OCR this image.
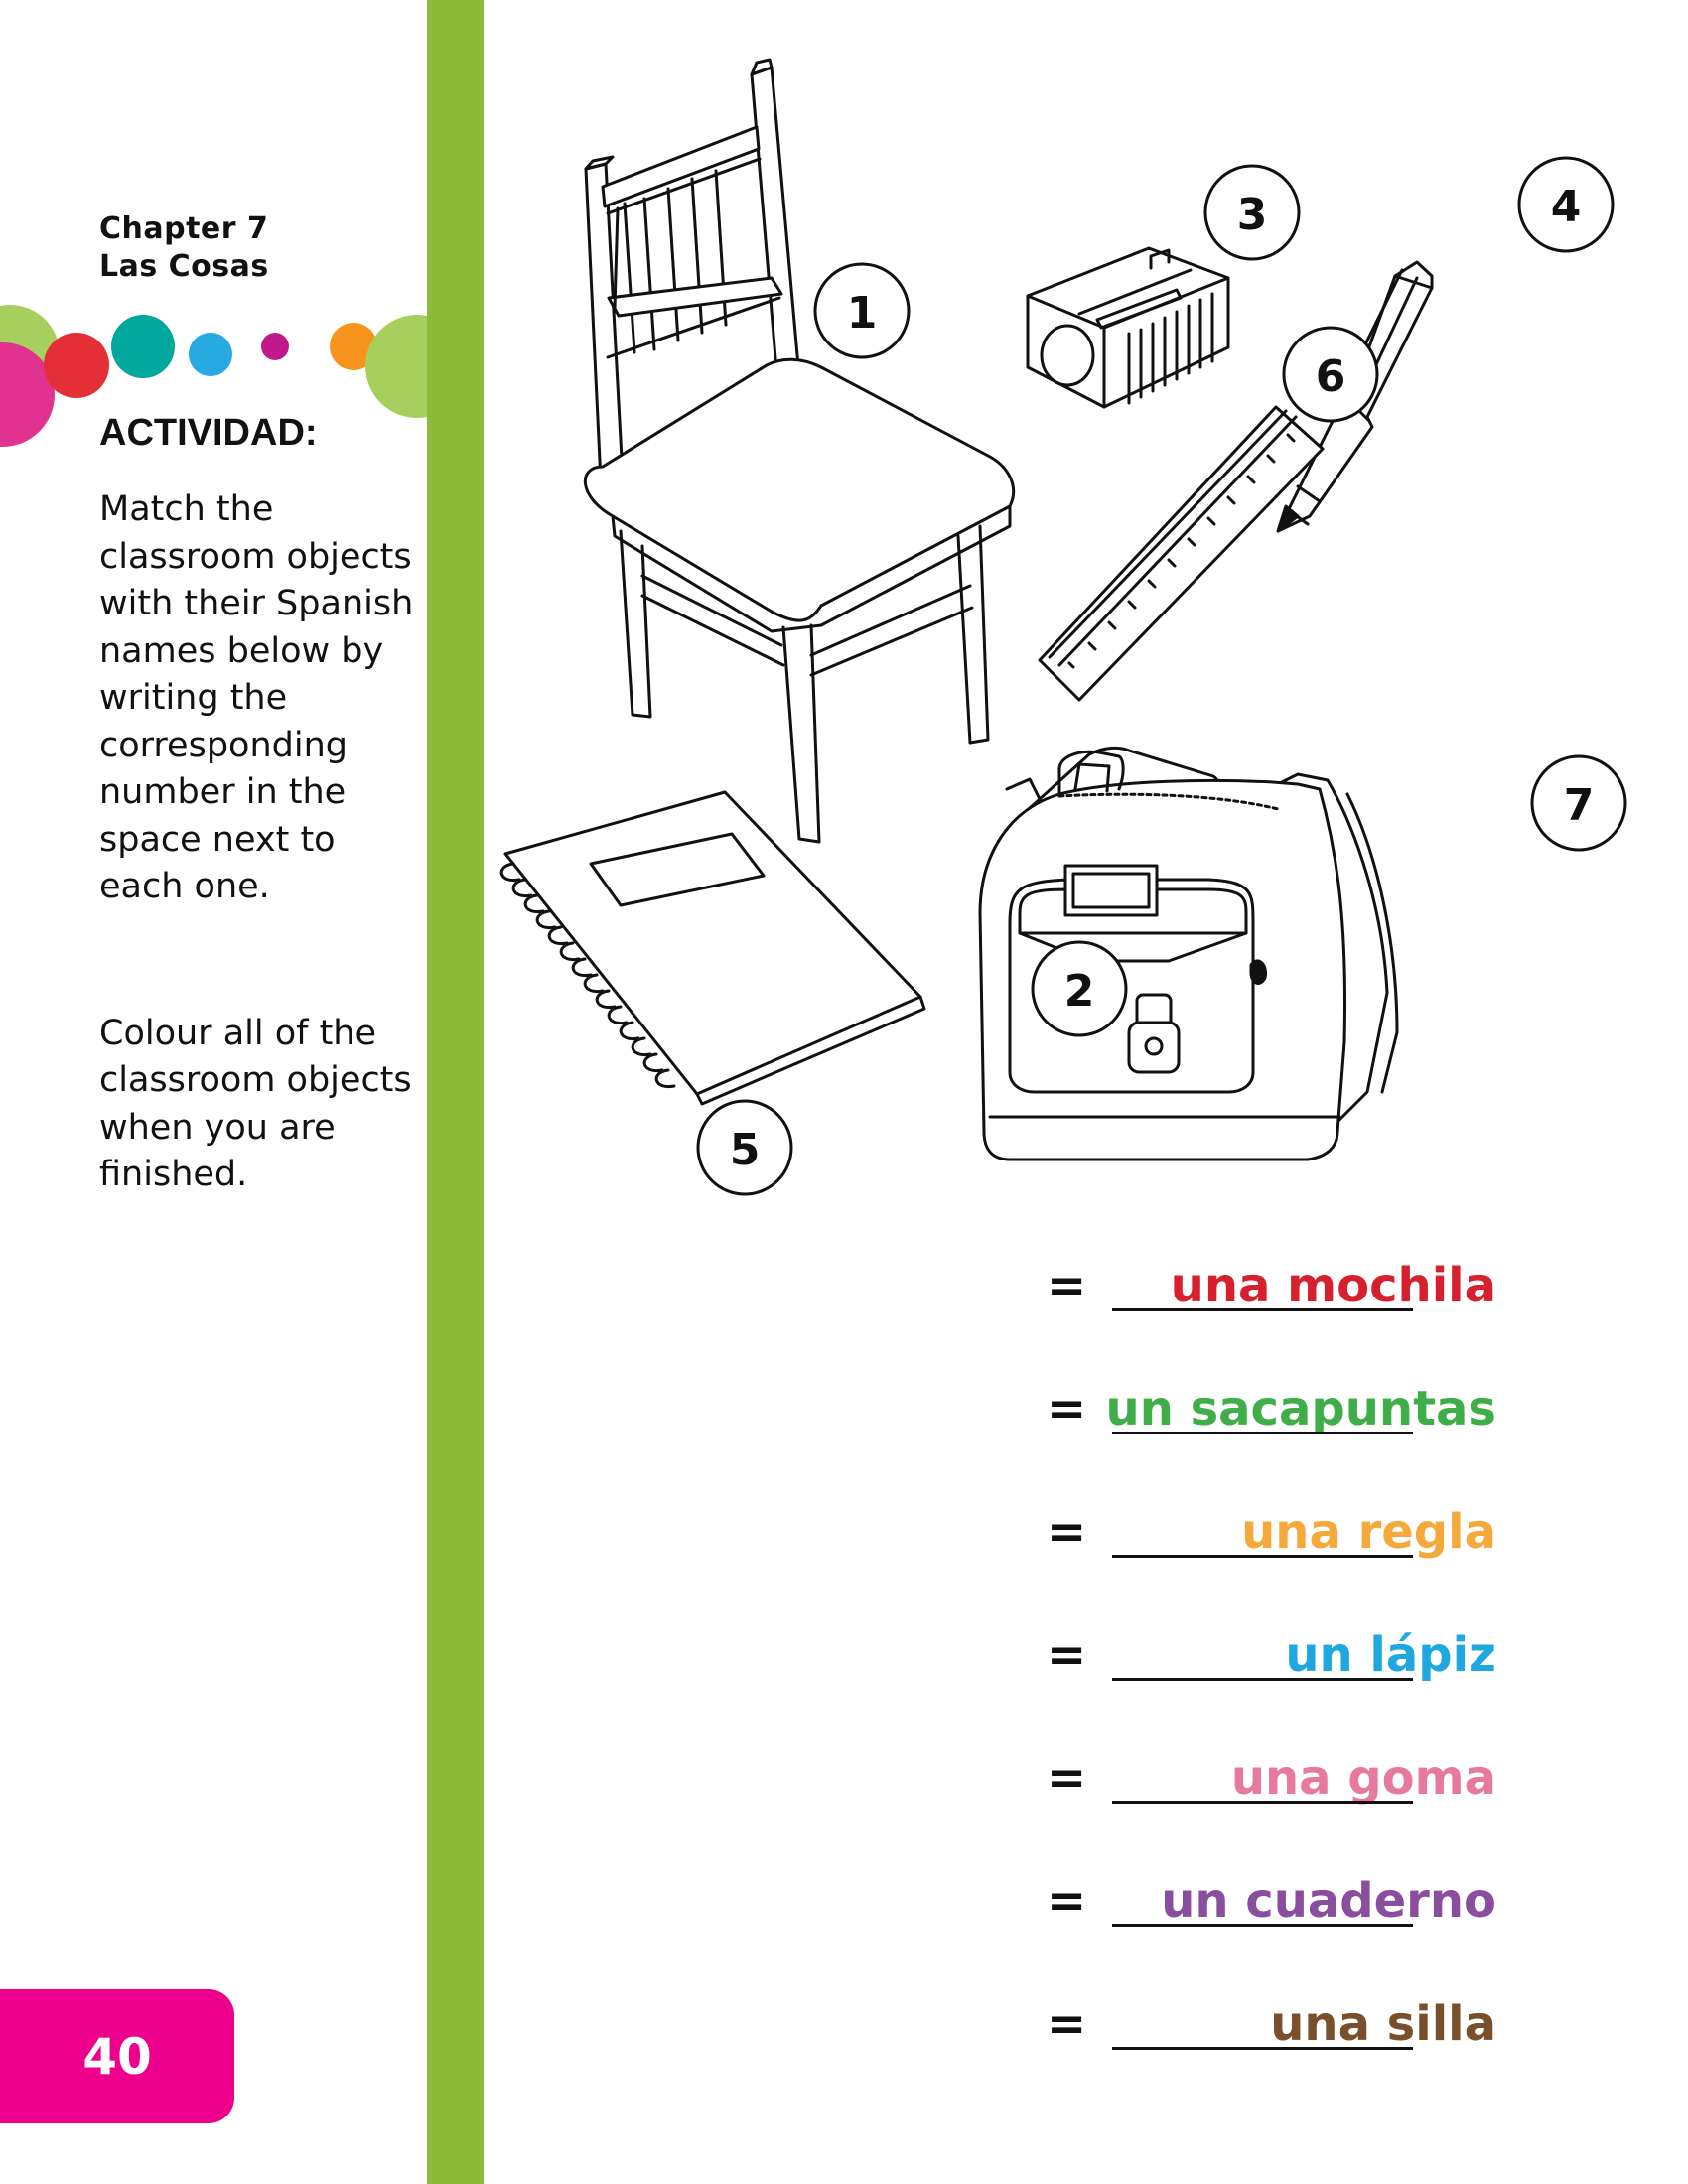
Chapter 7
Las Cosas
ACTIVIDAD:

Match the classroom objects with their Spanish names below by writing the corresponding number in the space next to each one.

Colour all of the classroom objects when you are finished.

40
1
2
3	4
5
6
7
una mochila
=
un sacapuntas
=
una regla
=
un lápiz
=
una goma
=
un cuaderno
=
una silla
=
